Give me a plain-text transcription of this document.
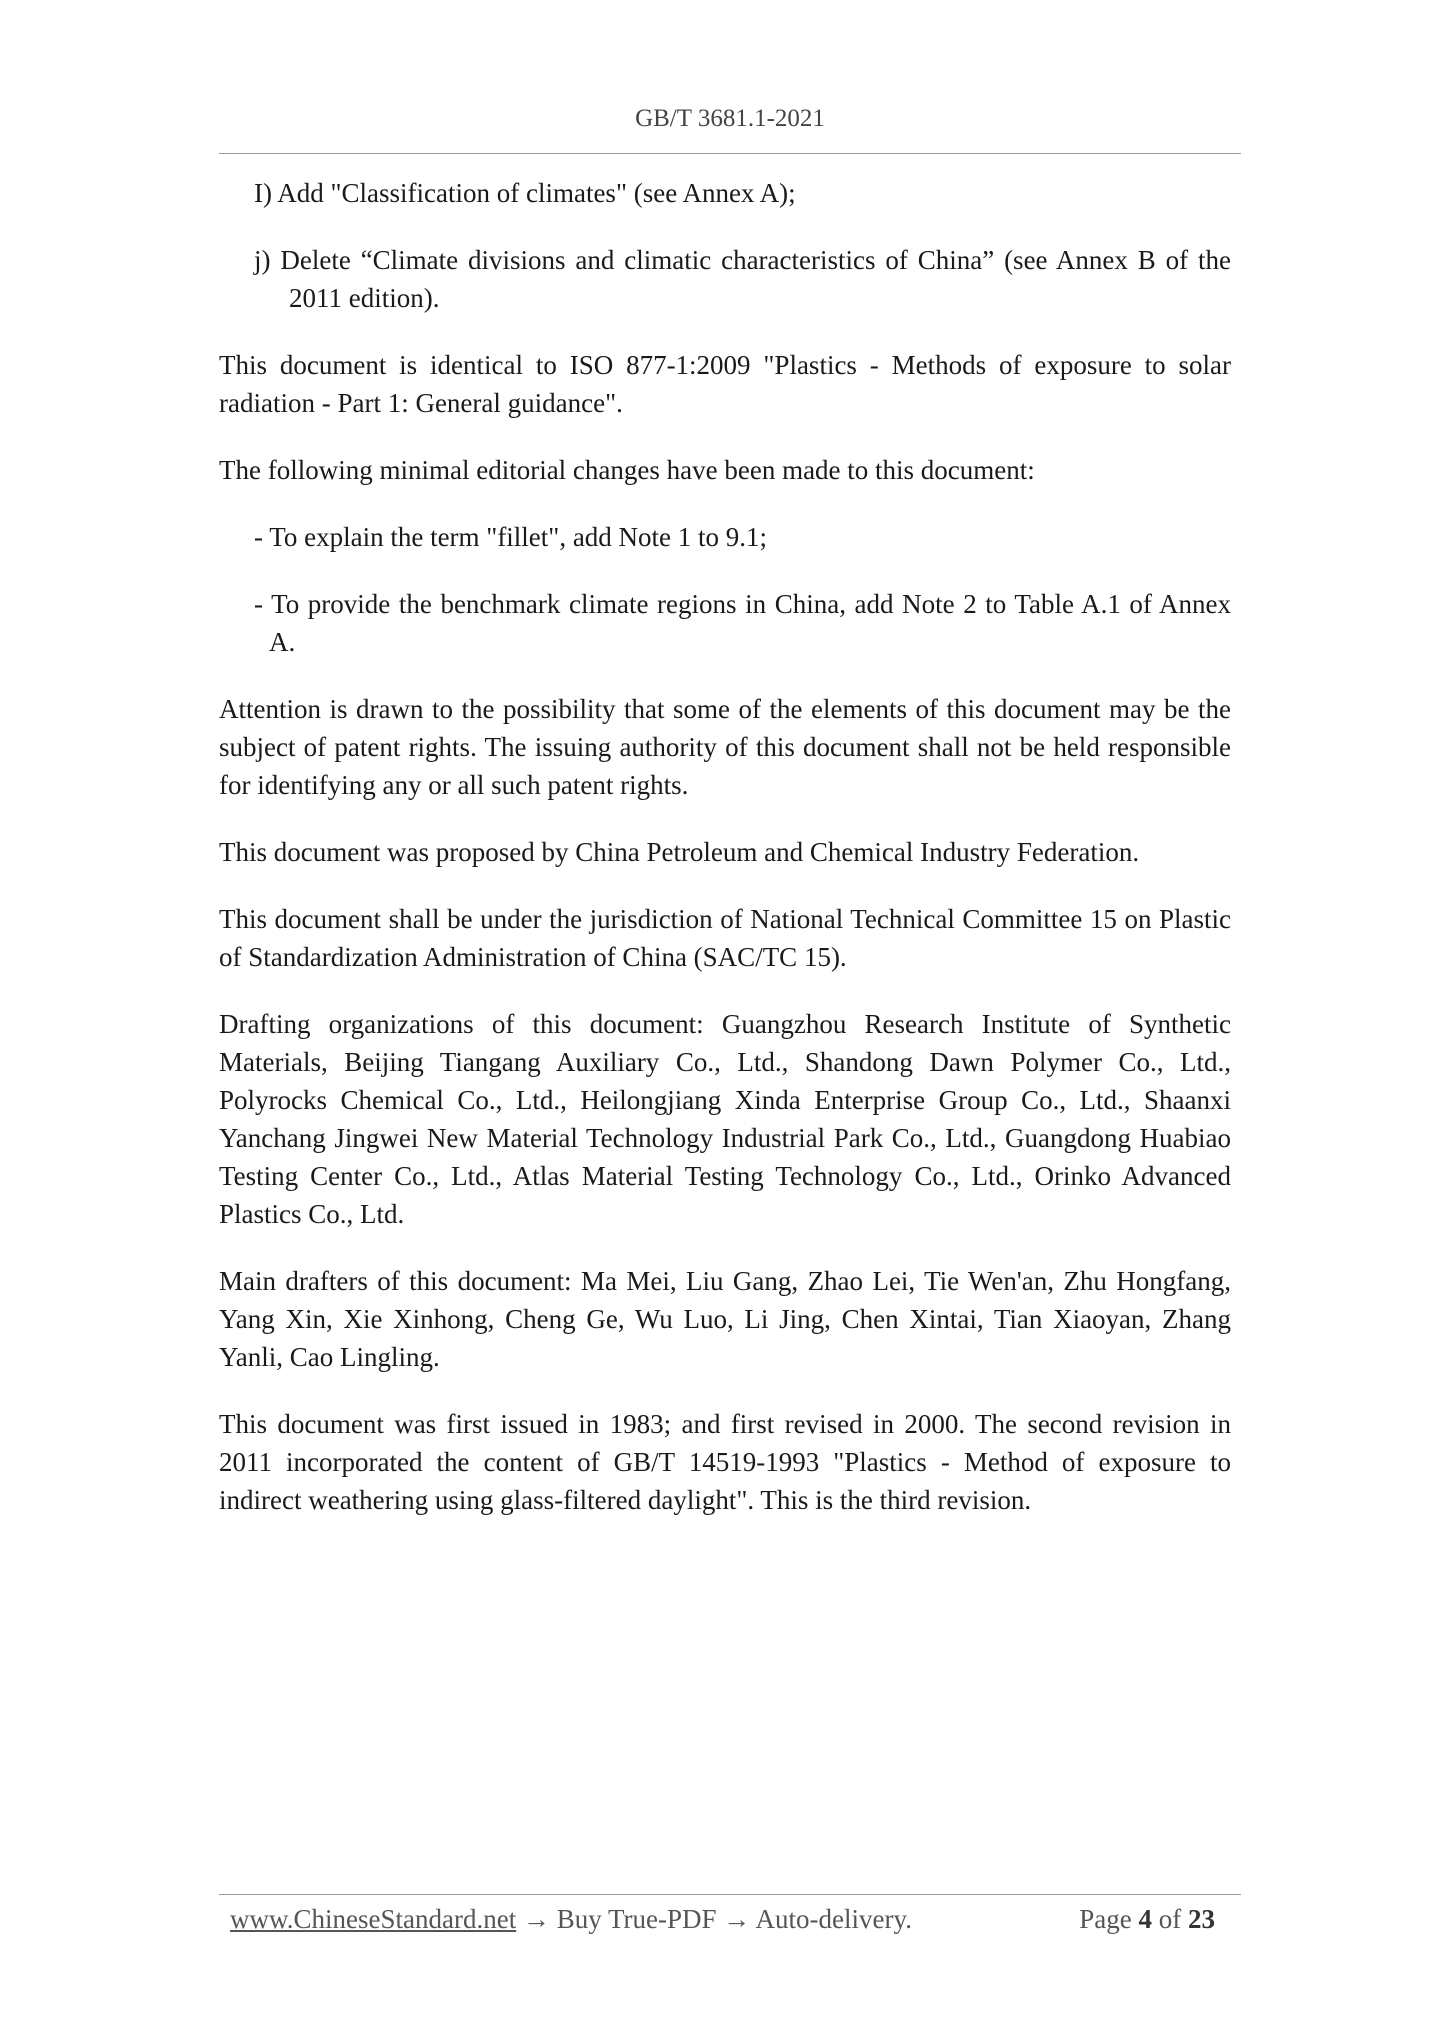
GB/T 3681.1-2021

I) Add "Classification of climates" (see Annex A);

j) Delete “Climate divisions and climatic characteristics of China” (see Annex B of the 2011 edition).

This document is identical to ISO 877-1:2009 "Plastics - Methods of exposure to solar radiation - Part 1: General guidance".

The following minimal editorial changes have been made to this document:

- To explain the term "fillet", add Note 1 to 9.1;

- To provide the benchmark climate regions in China, add Note 2 to Table A.1 of Annex A.

Attention is drawn to the possibility that some of the elements of this document may be the subject of patent rights. The issuing authority of this document shall not be held responsible for identifying any or all such patent rights.

This document was proposed by China Petroleum and Chemical Industry Federation.

This document shall be under the jurisdiction of National Technical Committee 15 on Plastic of Standardization Administration of China (SAC/TC 15).

Drafting organizations of this document: Guangzhou Research Institute of Synthetic Materials, Beijing Tiangang Auxiliary Co., Ltd., Shandong Dawn Polymer Co., Ltd., Polyrocks Chemical Co., Ltd., Heilongjiang Xinda Enterprise Group Co., Ltd., Shaanxi Yanchang Jingwei New Material Technology Industrial Park Co., Ltd., Guangdong Huabiao Testing Center Co., Ltd., Atlas Material Testing Technology Co., Ltd., Orinko Advanced Plastics Co., Ltd.

Main drafters of this document: Ma Mei, Liu Gang, Zhao Lei, Tie Wen'an, Zhu Hongfang, Yang Xin, Xie Xinhong, Cheng Ge, Wu Luo, Li Jing, Chen Xintai, Tian Xiaoyan, Zhang Yanli, Cao Lingling.

This document was first issued in 1983; and first revised in 2000. The second revision in 2011 incorporated the content of GB/T 14519-1993 "Plastics - Method of exposure to indirect weathering using glass-filtered daylight". This is the third revision.

www.ChineseStandard.net → Buy True-PDF → Auto-delivery.	Page 4 of 23
